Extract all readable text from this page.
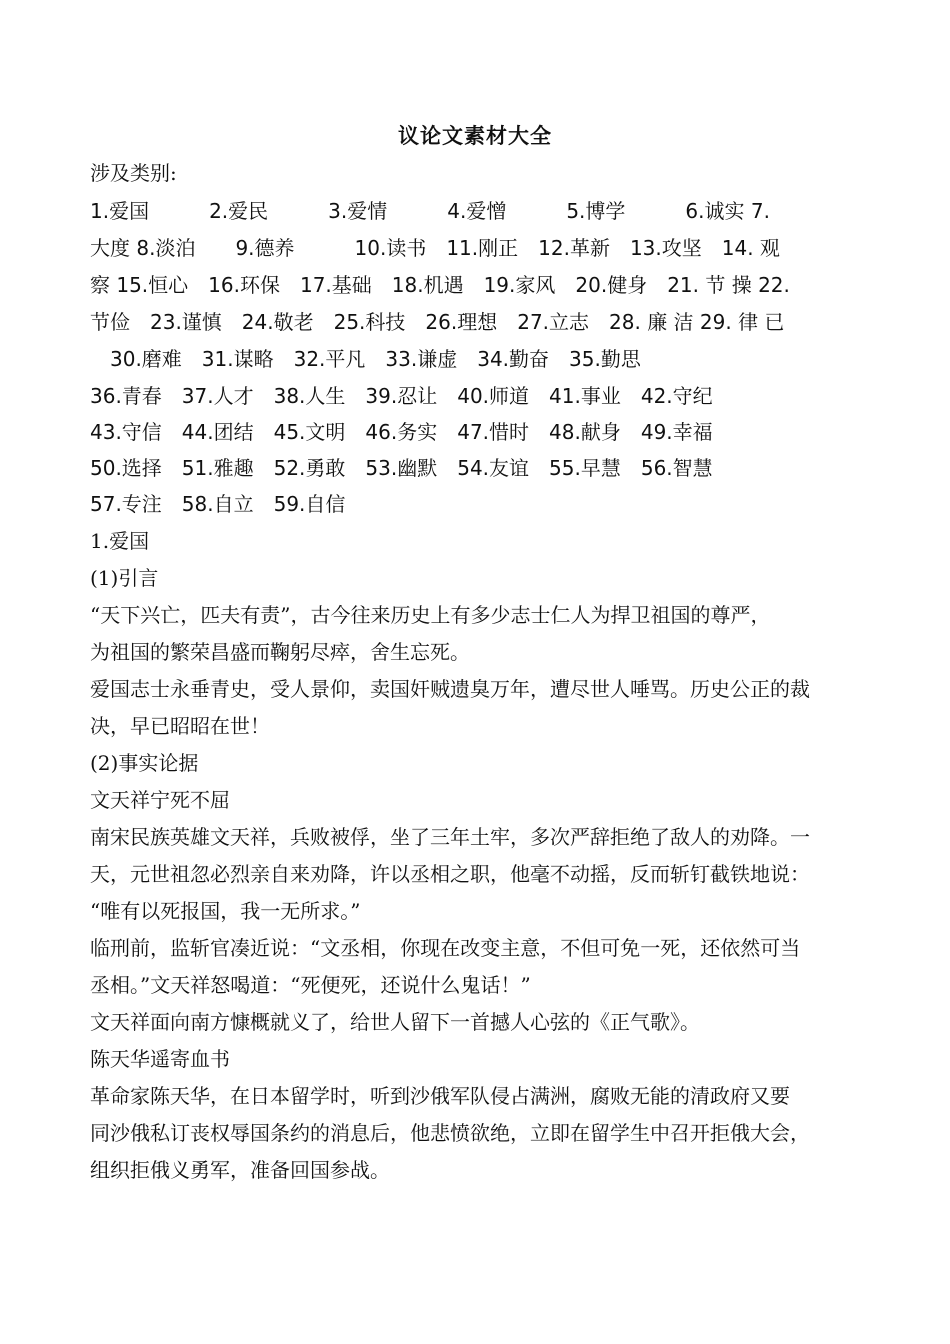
议论文素材大全
涉及类别:
1.爱国　　　2.爱民　　　3.爱情　　　4.爱憎　　　5.博学　　　6.诚实 7.
大度 8.淡泊　　9.德养　　　10.读书　11.刚正　12.革新　13.攻坚　14. 观
察 15.恒心　16.环保　17.基础　18.机遇　19.家风　20.健身　21. 节 操 22.
节俭　23.谨慎　24.敬老　25.科技　26.理想　27.立志　28. 廉 洁 29. 律 已
　30.磨难　31.谋略　32.平凡　33.谦虚　34.勤奋　35.勤思
36.青春　37.人才　38.人生　39.忍让　40.师道　41.事业　42.守纪
43.守信　44.团结　45.文明　46.务实　47.惜时　48.献身　49.幸福
50.选择　51.雅趣　52.勇敢　53.幽默　54.友谊　55.早慧　56.智慧
57.专注　58.自立　59.自信
1.爱国
(1)引言
“天下兴亡，匹夫有责”，古今往来历史上有多少志士仁人为捍卫祖国的尊严，
为祖国的繁荣昌盛而鞠躬尽瘁，舍生忘死。
爱国志士永垂青史，受人景仰，卖国奸贼遗臭万年，遭尽世人唾骂。历史公正的裁
决，早已昭昭在世！
(2)事实论据
文天祥宁死不屈
南宋民族英雄文天祥，兵败被俘，坐了三年土牢，多次严辞拒绝了敌人的劝降。一
天，元世祖忽必烈亲自来劝降，许以丞相之职，他毫不动摇，反而斩钉截铁地说：
“唯有以死报国，我一无所求。”
临刑前，监斩官凑近说：“文丞相，你现在改变主意，不但可免一死，还依然可当
丞相。”文天祥怒喝道：“死便死，还说什么鬼话！”
文天祥面向南方慷概就义了，给世人留下一首撼人心弦的《正气歌》。
陈天华遥寄血书
革命家陈天华，在日本留学时，听到沙俄军队侵占满洲，腐败无能的清政府又要
同沙俄私订丧权辱国条约的消息后，他悲愤欲绝，立即在留学生中召开拒俄大会，
组织拒俄义勇军，准备回国参战。
